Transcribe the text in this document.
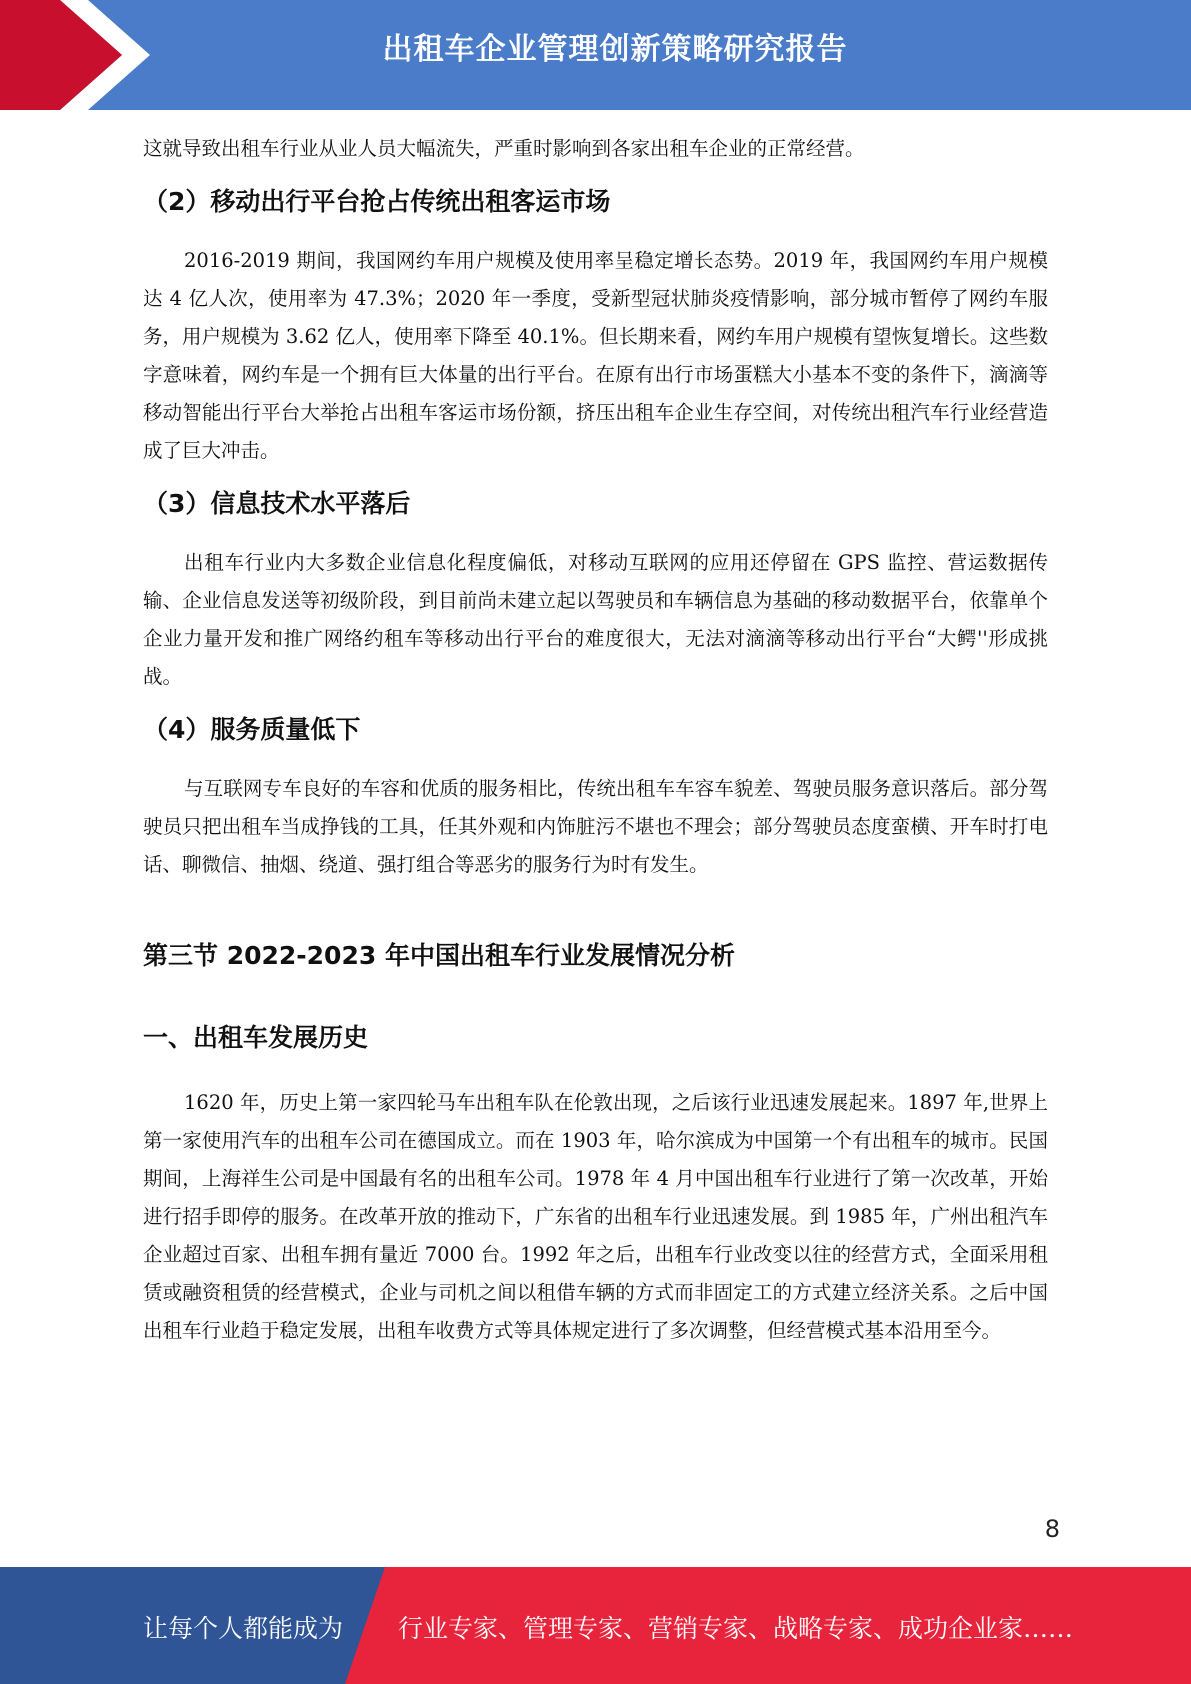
出租车企业管理创新策略研究报告

这就导致出租车行业从业人员大幅流失，严重时影响到各家出租车企业的正常经营。

（2）移动出行平台抢占传统出租客运市场

2016-2019 期间，我国网约车用户规模及使用率呈稳定增长态势。2019 年，我国网约车用户规模达 4 亿人次，使用率为 47.3%；2020 年一季度，受新型冠状肺炎疫情影响，部分城市暂停了网约车服务，用户规模为 3.62 亿人，使用率下降至 40.1%。但长期来看，网约车用户规模有望恢复增长。这些数字意味着，网约车是一个拥有巨大体量的出行平台。在原有出行市场蛋糕大小基本不变的条件下，滴滴等移动智能出行平台大举抢占出租车客运市场份额，挤压出租车企业生存空间，对传统出租汽车行业经营造成了巨大冲击。

（3）信息技术水平落后

出租车行业内大多数企业信息化程度偏低，对移动互联网的应用还停留在 GPS 监控、营运数据传输、企业信息发送等初级阶段，到目前尚未建立起以驾驶员和车辆信息为基础的移动数据平台，依靠单个企业力量开发和推广网络约租车等移动出行平台的难度很大，无法对滴滴等移动出行平台“大鳄''形成挑战。

（4）服务质量低下

与互联网专车良好的车容和优质的服务相比，传统出租车车容车貌差、驾驶员服务意识落后。部分驾驶员只把出租车当成挣钱的工具，任其外观和内饰脏污不堪也不理会；部分驾驶员态度蛮横、开车时打电话、聊微信、抽烟、绕道、强打组合等恶劣的服务行为时有发生。

第三节 2022-2023 年中国出租车行业发展情况分析
一、出租车发展历史

1620 年，历史上第一家四轮马车出租车队在伦敦出现，之后该行业迅速发展起来。1897 年,世界上第一家使用汽车的出租车公司在德国成立。而在 1903 年，哈尔滨成为中国第一个有出租车的城市。民国期间，上海祥生公司是中国最有名的出租车公司。1978 年 4 月中国出租车行业进行了第一次改革，开始进行招手即停的服务。在改革开放的推动下，广东省的出租车行业迅速发展。到 1985 年，广州出租汽车企业超过百家、出租车拥有量近 7000 台。1992 年之后，出租车行业改变以往的经营方式，全面采用租赁或融资租赁的经营模式，企业与司机之间以租借车辆的方式而非固定工的方式建立经济关系。之后中国出租车行业趋于稳定发展，出租车收费方式等具体规定进行了多次调整，但经营模式基本沿用至今。

8
让每个人都能成为 行业专家、管理专家、营销专家、战略专家、成功企业家……
